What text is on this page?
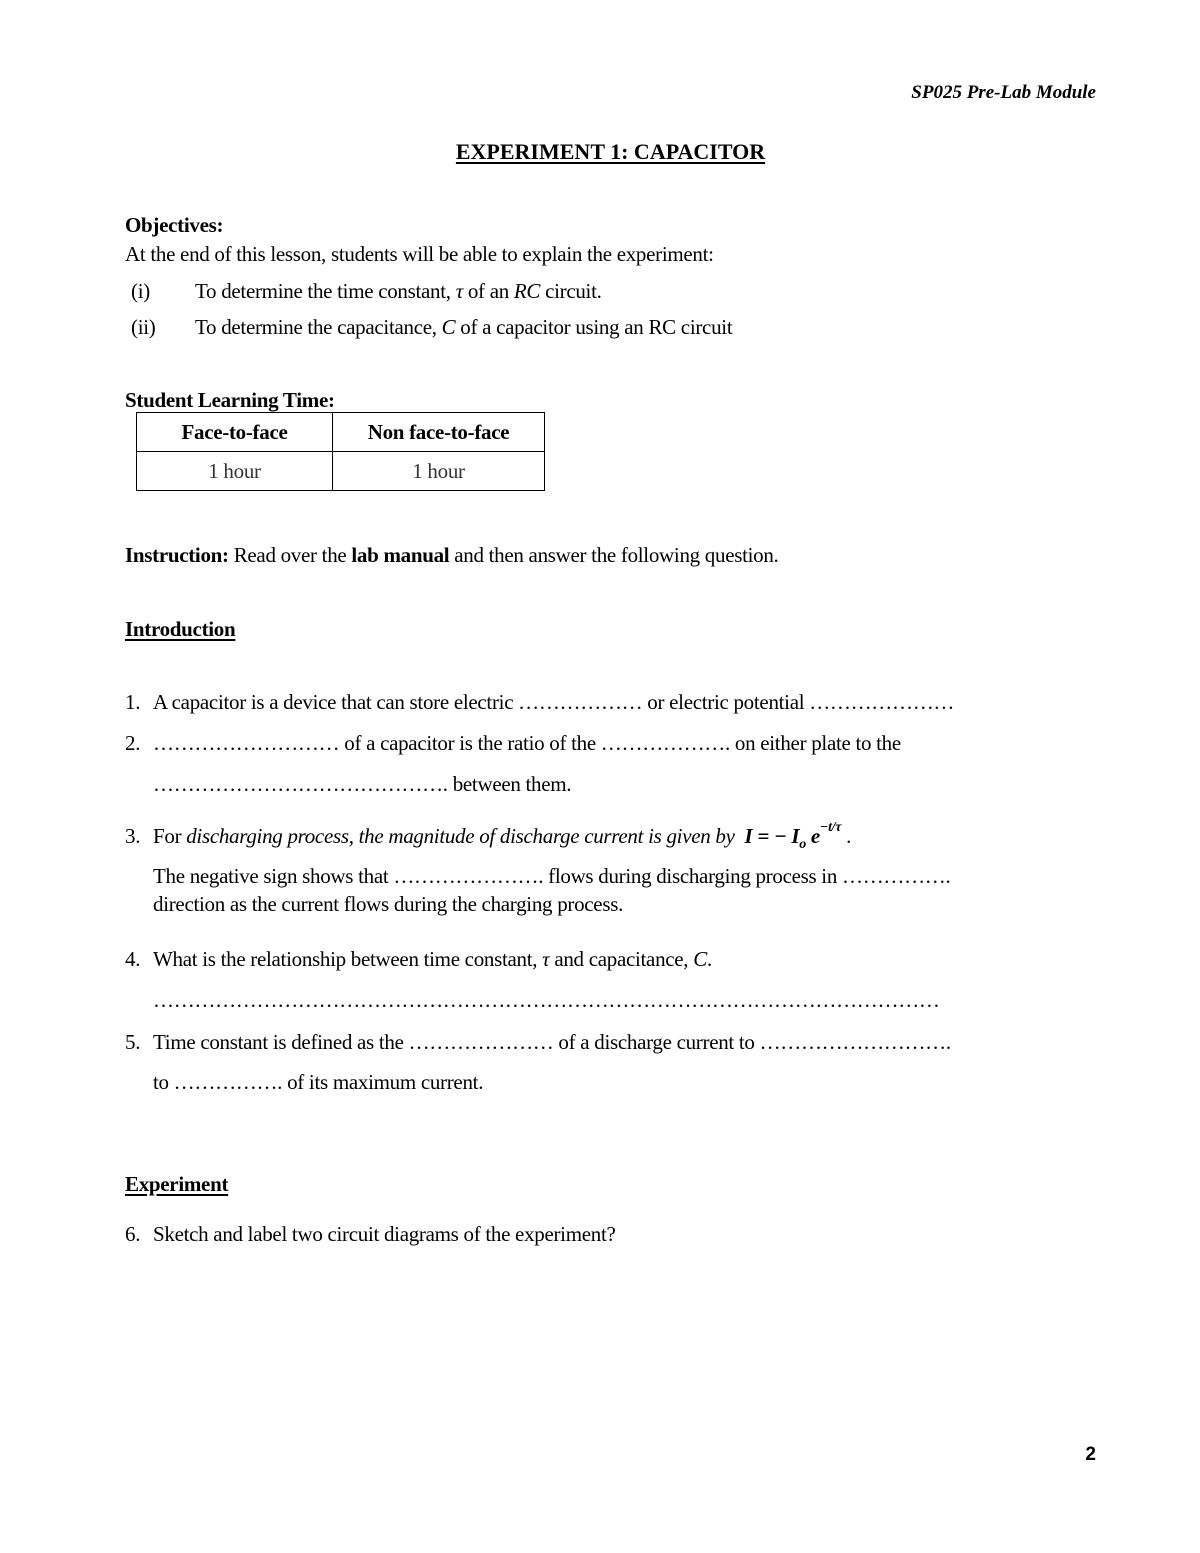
SP025 Pre-Lab Module
EXPERIMENT 1: CAPACITOR
Objectives:
At the end of this lesson, students will be able to explain the experiment:
(i) To determine the time constant, τ of an RC circuit.
(ii) To determine the capacitance, C of a capacitor using an RC circuit
Student Learning Time:
Face-to-face	Non face-to-face
1 hour	1 hour
Instruction: Read over the lab manual and then answer the following question.
Introduction
1. A capacitor is a device that can store electric ……………… or electric potential …………………
2. ……………………… of a capacitor is the ratio of the ………………. on either plate to the
……………………………………. between them.
3. For discharging process, the magnitude of discharge current is given by I = − $I_o$ e−t/τ .
The negative sign shows that …………………. flows during discharging process in …………….
direction as the current flows during the charging process.
4. What is the relationship between time constant, τ and capacitance, C.
……………………………………………………………………………………………………
5. Time constant is defined as the ………………… of a discharge current to ……………………….
to ……………. of its maximum current.
Experiment
6. Sketch and label two circuit diagrams of the experiment?
2
